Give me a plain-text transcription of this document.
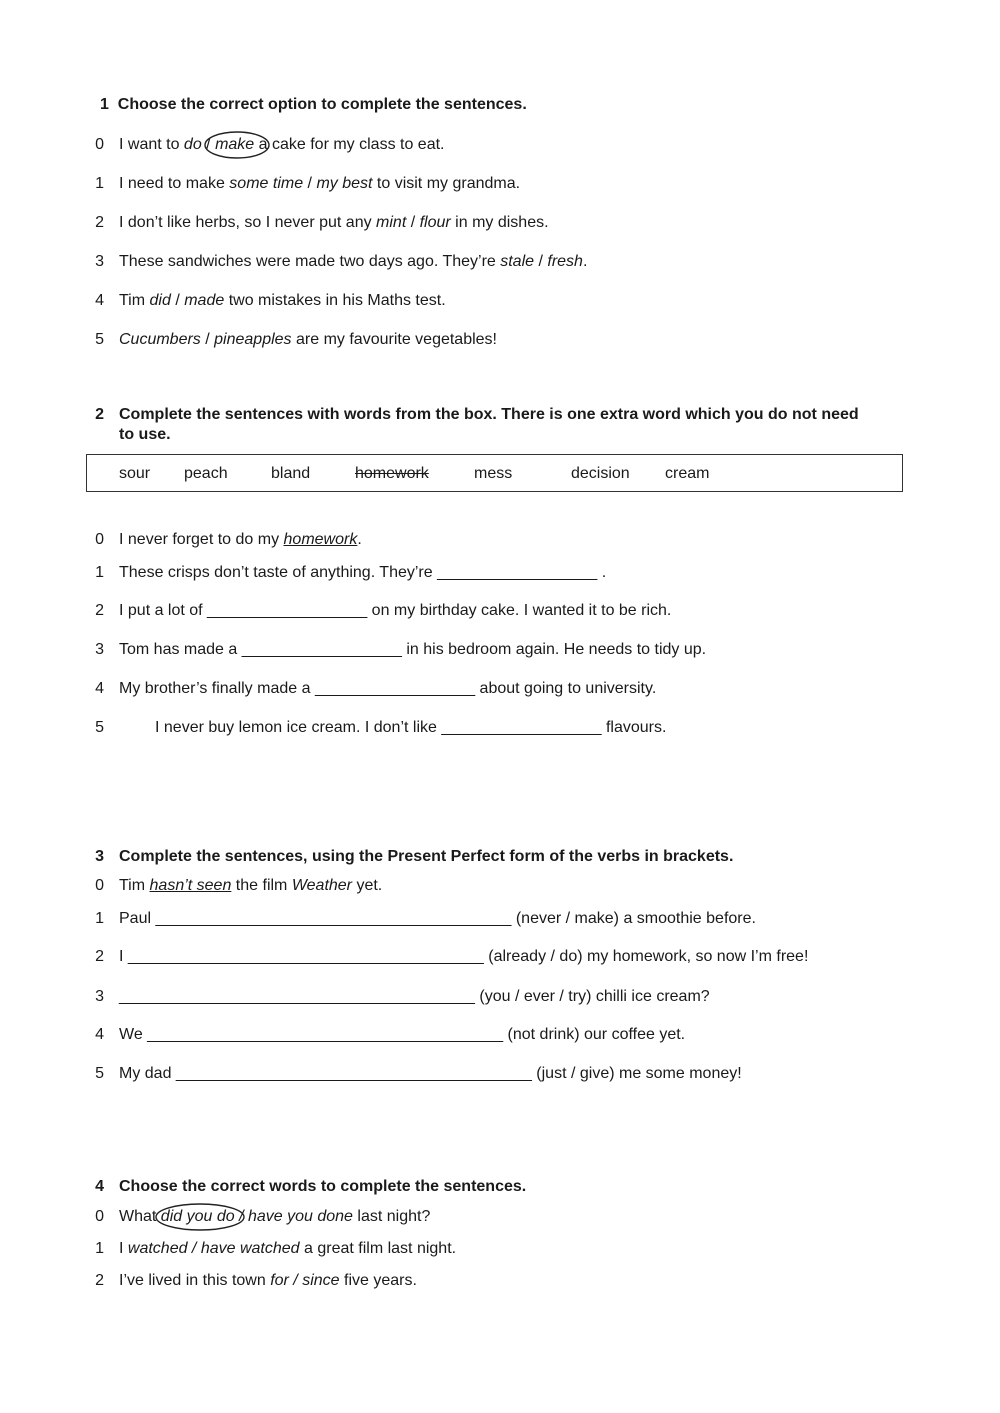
1 Choose the correct option to complete the sentences.
0 I want to do /
make a cake for my class to eat.
1 I need to make some time / my best to visit my grandma.
2 I don’t like herbs, so I never put any mint / flour in my dishes.
3 These sandwiches were made two days ago. They’re stale / fresh.
4 Tim did / made two mistakes in his Maths test.
5 Cucumbers / pineapples are my favourite vegetables!
2 Complete the sentences with words from the box. There is one extra word which you do not need
to use.
sour peach	bland	homework	mess	decision cream
0 I never forget to do my homework.
1 These crisps don’t taste of anything. They’re __________________ .
2 I put a lot of __________________ on my birthday cake. I wanted it to be rich.
3 Tom has made a __________________ in his bedroom again. He needs to tidy up.
4 My brother’s finally made a __________________ about going to university.
5	I never buy lemon ice cream. I don’t like __________________ flavours.
3 Complete the sentences, using the Present Perfect form of the verbs in brackets.
0 Tim hasn’t seen the film Weather yet.
1 Paul ________________________________________ (never / make) a smoothie before.
2 I ________________________________________ (already / do) my homework, so now I’m free!
3 ________________________________________ (you / ever / try) chilli ice cream?
4 We ________________________________________ (not drink) our coffee yet.
5 My dad ________________________________________ (just / give) me some money!
4 Choose the correct words to complete the sentences.
0 What
did you do / have you done last night?
1 I watched / have watched a great film last night.
2 I’ve lived in this town for / since five years.
